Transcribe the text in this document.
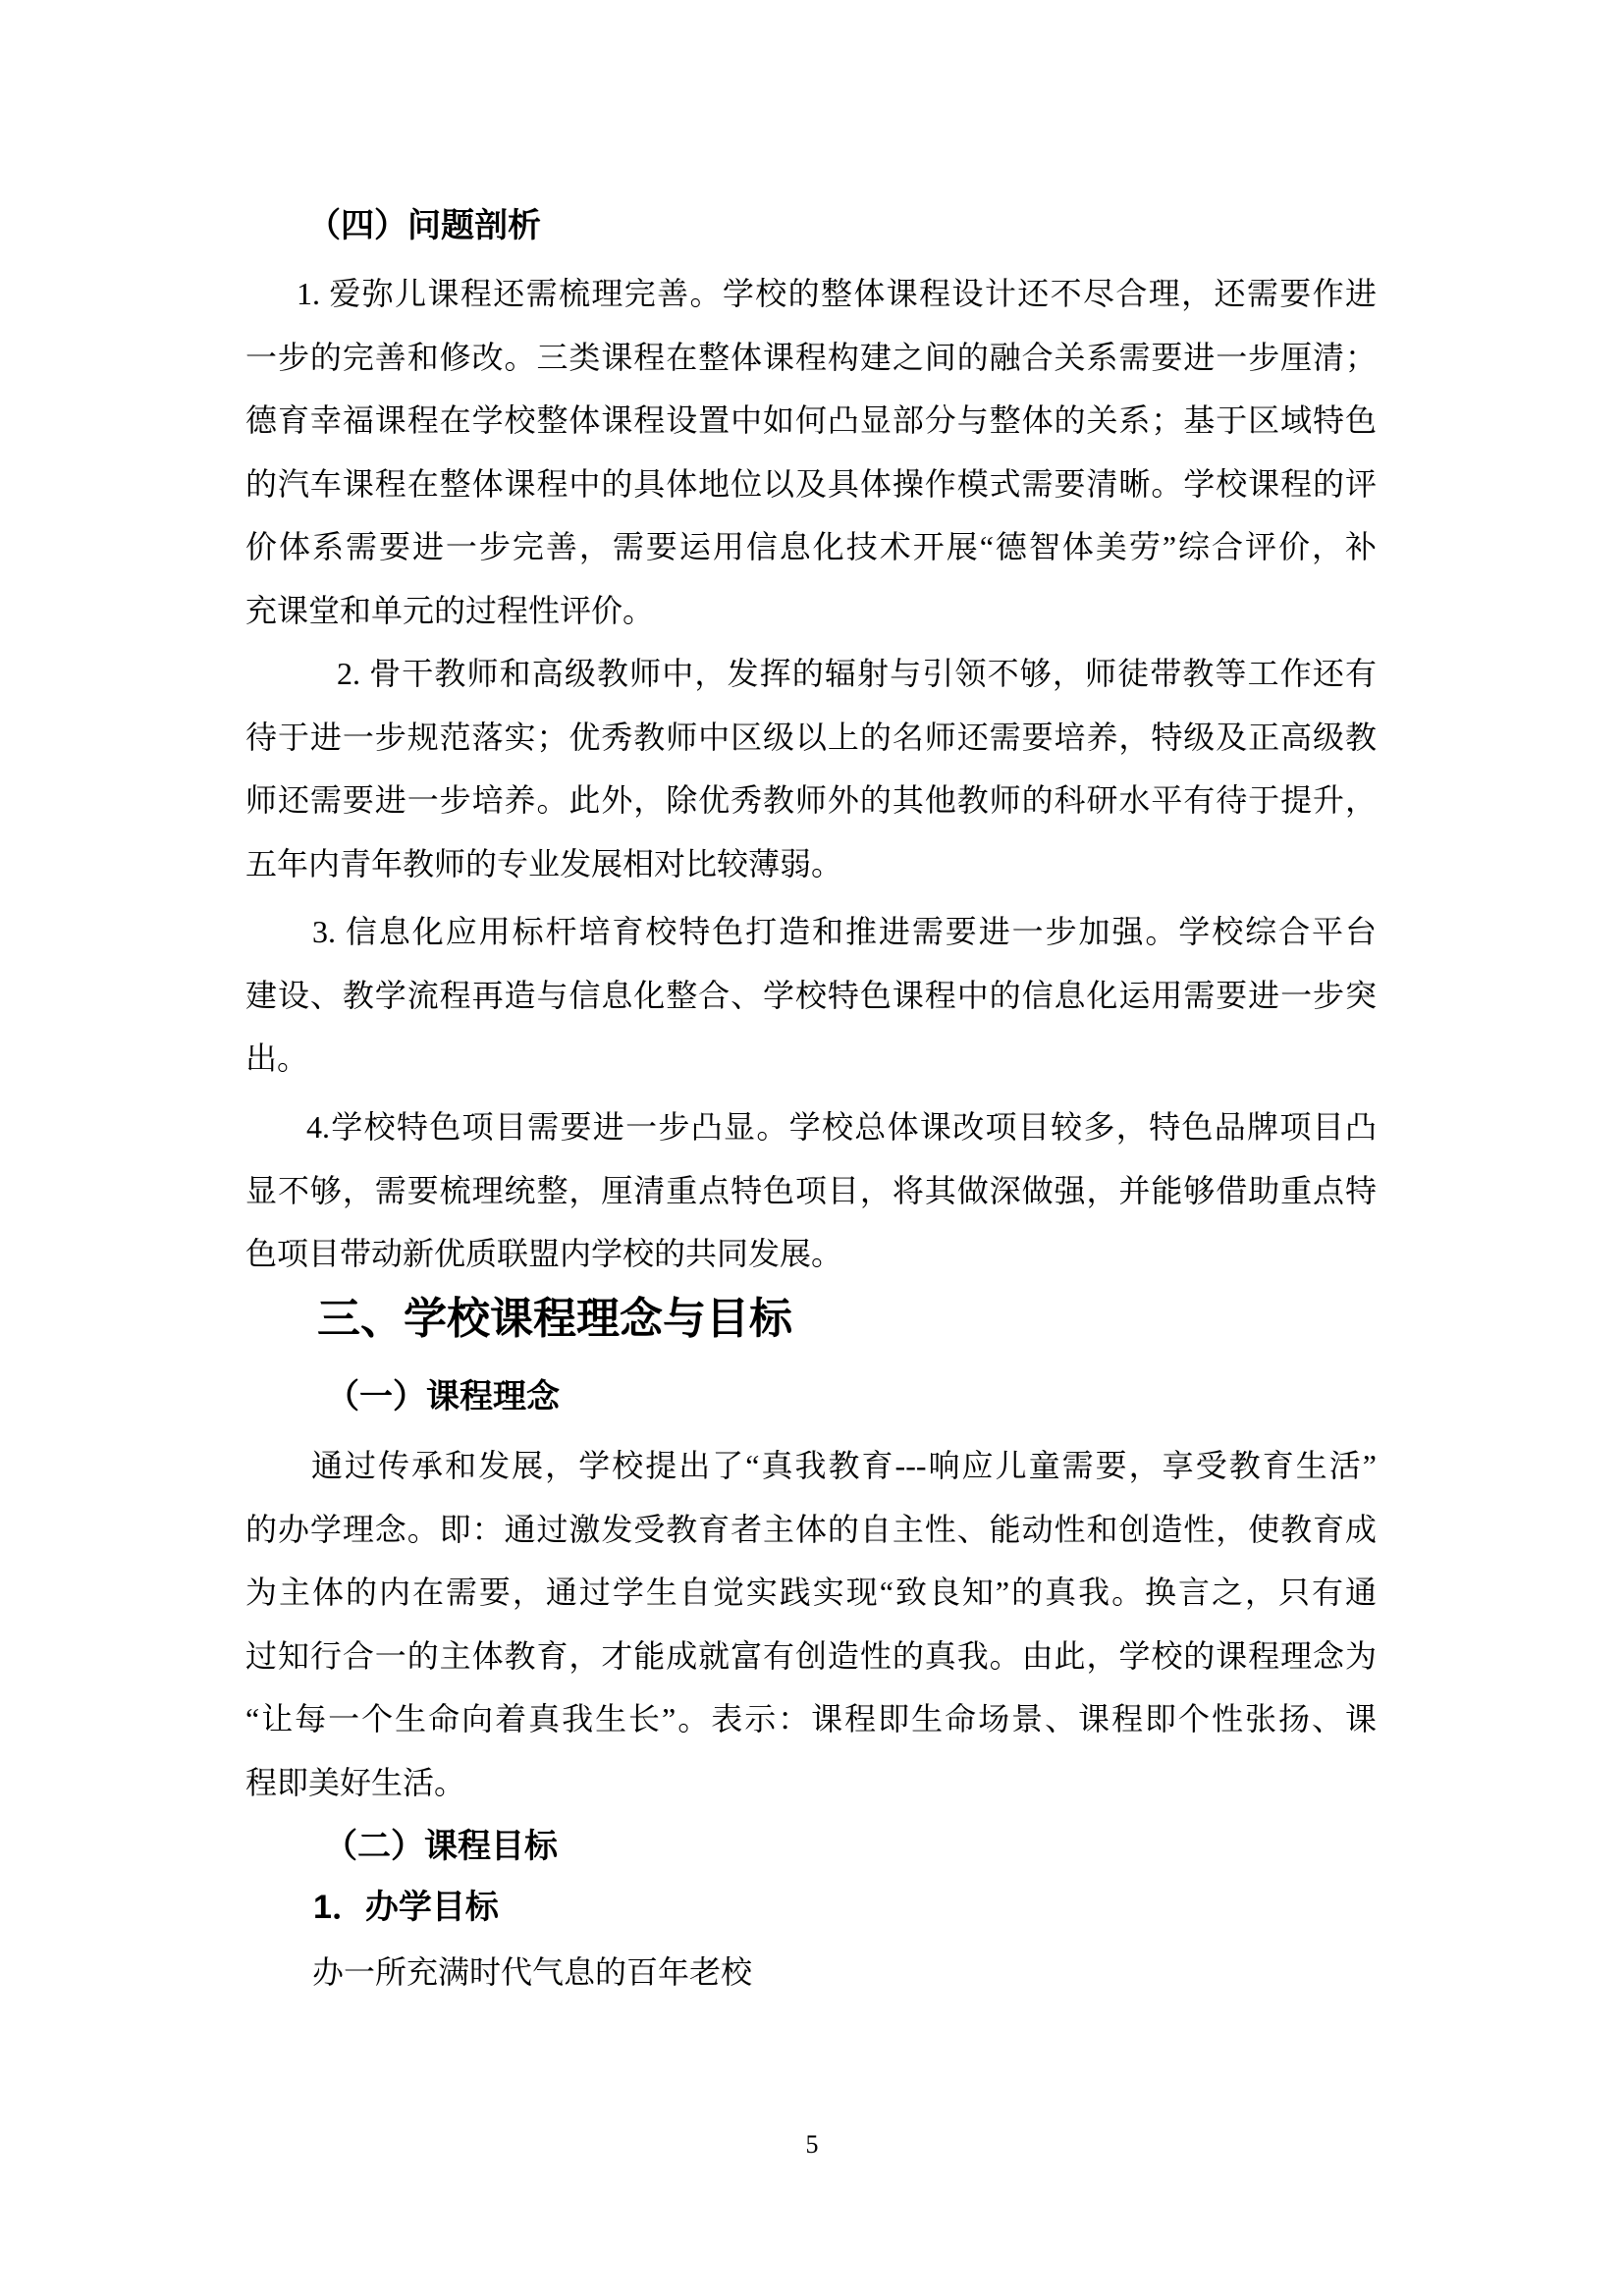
（四）问题剖析
1. 爱弥儿课程还需梳理完善。学校的整体课程设计还不尽合理，还需要作进
一步的完善和修改。三类课程在整体课程构建之间的融合关系需要进一步厘清；
德育幸福课程在学校整体课程设置中如何凸显部分与整体的关系；基于区域特色
的汽车课程在整体课程中的具体地位以及具体操作模式需要清晰。学校课程的评
价体系需要进一步完善，需要运用信息化技术开展“德智体美劳”综合评价，补
充课堂和单元的过程性评价。
2. 骨干教师和高级教师中，发挥的辐射与引领不够，师徒带教等工作还有
待于进一步规范落实；优秀教师中区级以上的名师还需要培养，特级及正高级教
师还需要进一步培养。此外，除优秀教师外的其他教师的科研水平有待于提升，
五年内青年教师的专业发展相对比较薄弱。
3. 信息化应用标杆培育校特色打造和推进需要进一步加强。学校综合平台
建设、教学流程再造与信息化整合、学校特色课程中的信息化运用需要进一步突
出。
4.学校特色项目需要进一步凸显。学校总体课改项目较多，特色品牌项目凸
显不够，需要梳理统整，厘清重点特色项目，将其做深做强，并能够借助重点特
色项目带动新优质联盟内学校的共同发展。
三、学校课程理念与目标
（一）课程理念
通过传承和发展，学校提出了“真我教育---响应儿童需要，享受教育生活”
的办学理念。即：通过激发受教育者主体的自主性、能动性和创造性，使教育成
为主体的内在需要，通过学生自觉实践实现“致良知”的真我。换言之，只有通
过知行合一的主体教育，才能成就富有创造性的真我。由此，学校的课程理念为
“让每一个生命向着真我生长”。表示：课程即生命场景、课程即个性张扬、课
程即美好生活。
（二）课程目标
1．办学目标
办一所充满时代气息的百年老校
5
